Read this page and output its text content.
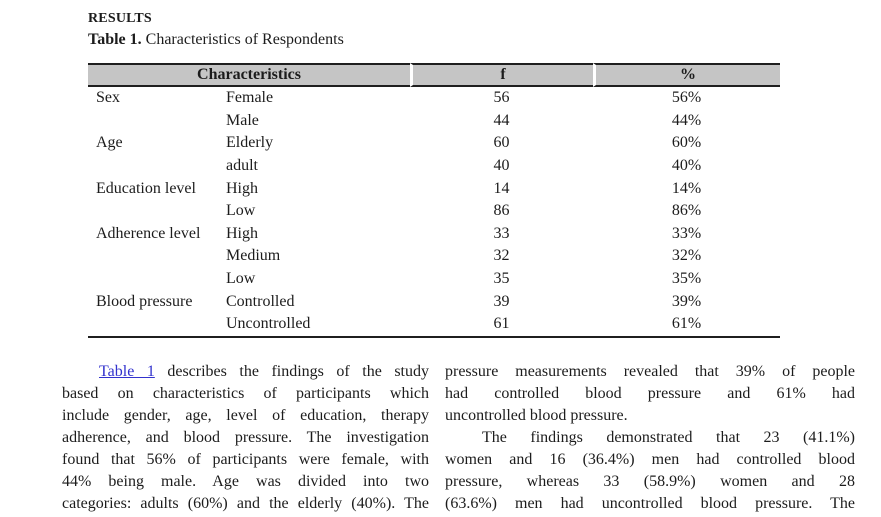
RESULTS
Table 1. Characteristics of Respondents
Characteristics		f	%
Sex	Female	56	56%
	Male	44	44%
Age	Elderly	60	60%
	adult	40	40%
Education level	High	14	14%
	Low	86	86%
Adherence level	High	33	33%
	Medium	32	32%
	Low	35	35%
Blood pressure	Controlled	39	39%
	Uncontrolled	61	61%
Table 1 describes the findings of the study
based on characteristics of participants which
include gender, age, level of education, therapy
adherence, and blood pressure. The investigation
found that 56% of participants were female, with
44% being male. Age was divided into two
categories: adults (60%) and the elderly (40%). The
pressure measurements revealed that 39% of people
had controlled blood pressure and 61% had
uncontrolled blood pressure.
The findings demonstrated that 23 (41.1%)
women and 16 (36.4%) men had controlled blood
pressure, whereas 33 (58.9%) women and 28
(63.6%) men had uncontrolled blood pressure. The
